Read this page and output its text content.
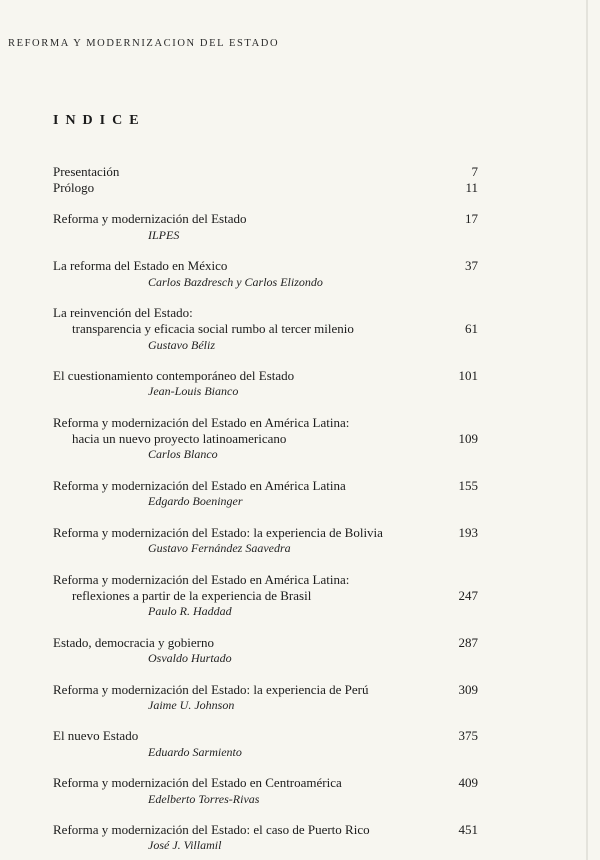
REFORMA Y MODERNIZACION DEL ESTADO
INDICE
Presentación	7
Prólogo	11
Reforma y modernización del Estado
ILPES
17
La reforma del Estado en México
Carlos Bazdresch y Carlos Elizondo
37
La reinvención del Estado:
transparencia y eficacia social rumbo al tercer milenio
Gustavo Béliz
61
El cuestionamiento contemporáneo del Estado
Jean-Louis Bianco
101
Reforma y modernización del Estado en América Latina:
hacia un nuevo proyecto latinoamericano
Carlos Blanco
109
Reforma y modernización del Estado en América Latina
Edgardo Boeninger
155
Reforma y modernización del Estado: la experiencia de Bolivia
Gustavo Fernández Saavedra
193
Reforma y modernización del Estado en América Latina:
reflexiones a partir de la experiencia de Brasil
Paulo R. Haddad
247
Estado, democracia y gobierno
Osvaldo Hurtado
287
Reforma y modernización del Estado: la experiencia de Perú
Jaime U. Johnson
309
El nuevo Estado
Eduardo Sarmiento
375
Reforma y modernización del Estado en Centroamérica
Edelberto Torres-Rivas
409
Reforma y modernización del Estado: el caso de Puerto Rico
José J. Villamil
451
